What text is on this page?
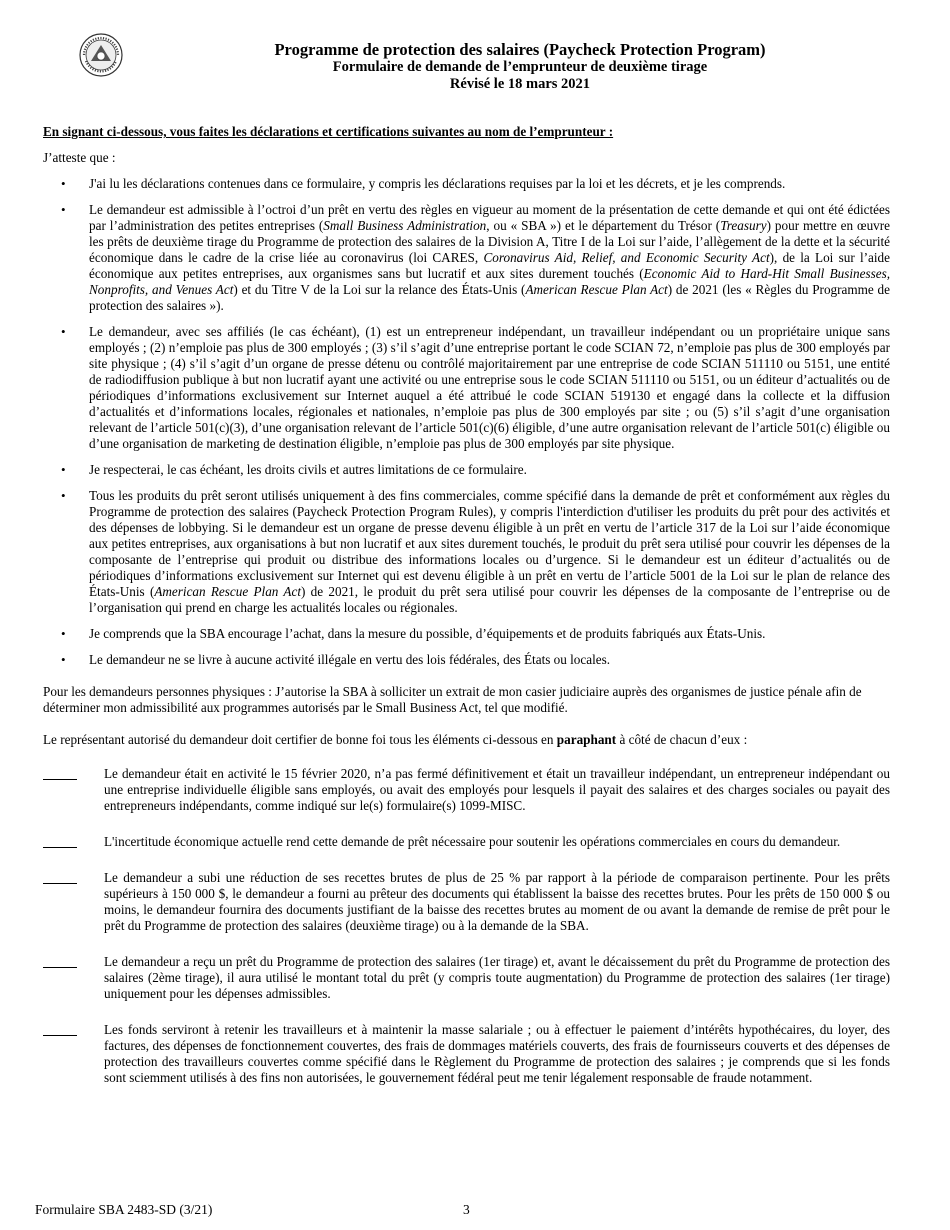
Programme de protection des salaires (Paycheck Protection Program)
Formulaire de demande de l’emprunteur de deuxième tirage
Révisé le 18 mars 2021

En signant ci-dessous, vous faites les déclarations et certifications suivantes au nom de l’emprunteur :

J’atteste que :

• J'ai lu les déclarations contenues dans ce formulaire, y compris les déclarations requises par la loi et les décrets, et je les comprends.
• Le demandeur est admissible à l’octroi d’un prêt en vertu des règles en vigueur au moment de la présentation de cette demande et qui ont été édictées par l’administration des petites entreprises (Small Business Administration, ou « SBA ») et le département du Trésor (Treasury) pour mettre en œuvre les prêts de deuxième tirage du Programme de protection des salaires de la Division A, Titre I de la Loi sur l’aide, l’allègement de la dette et la sécurité économique dans le cadre de la crise liée au coronavirus (loi CARES, Coronavirus Aid, Relief, and Economic Security Act), de la Loi sur l’aide économique aux petites entreprises, aux organismes sans but lucratif et aux sites durement touchés (Economic Aid to Hard-Hit Small Businesses, Nonprofits, and Venues Act) et du Titre V de la Loi sur la relance des États-Unis (American Rescue Plan Act) de 2021 (les « Règles du Programme de protection des salaires »).
• Le demandeur, avec ses affiliés (le cas échéant), (1) est un entrepreneur indépendant, un travailleur indépendant ou un propriétaire unique sans employés ; (2) n’emploie pas plus de 300 employés ; (3) s’il s’agit d’une entreprise portant le code SCIAN 72, n’emploie pas plus de 300 employés par site physique ; (4) s’il s’agit d’un organe de presse détenu ou contrôlé majoritairement par une entreprise de code SCIAN 511110 ou 5151, une entité de radiodiffusion publique à but non lucratif ayant une activité ou une entreprise sous le code SCIAN 511110 ou 5151, ou un éditeur d’actualités ou de périodiques d’informations exclusivement sur Internet auquel a été attribué le code SCIAN 519130 et engagé dans la collecte et la diffusion d’actualités et d’informations locales, régionales et nationales, n’emploie pas plus de 300 employés par site ; ou (5) s’il s’agit d’une organisation relevant de l’article 501(c)(3), d’une organisation relevant de l’article 501(c)(6) éligible, d’une autre organisation relevant de l’article 501(c) éligible ou d’une organisation de marketing de destination éligible, n’emploie pas plus de 300 employés par site physique.
• Je respecterai, le cas échéant, les droits civils et autres limitations de ce formulaire.
• Tous les produits du prêt seront utilisés uniquement à des fins commerciales, comme spécifié dans la demande de prêt et conformément aux règles du Programme de protection des salaires (Paycheck Protection Program Rules), y compris l'interdiction d'utiliser les produits du prêt pour des activités et des dépenses de lobbying. Si le demandeur est un organe de presse devenu éligible à un prêt en vertu de l’article 317 de la Loi sur l’aide économique aux petites entreprises, aux organisations à but non lucratif et aux sites durement touchés, le produit du prêt sera utilisé pour couvrir les dépenses de la composante de l’entreprise qui produit ou distribue des informations locales ou d’urgence. Si le demandeur est un éditeur d’actualités ou de périodiques d’informations exclusivement sur Internet qui est devenu éligible à un prêt en vertu de l’article 5001 de la Loi sur le plan de relance des États-Unis (American Rescue Plan Act) de 2021, le produit du prêt sera utilisé pour couvrir les dépenses de la composante de l’entreprise ou de l’organisation qui prend en charge les actualités locales ou régionales.
• Je comprends que la SBA encourage l’achat, dans la mesure du possible, d’équipements et de produits fabriqués aux États-Unis.
• Le demandeur ne se livre à aucune activité illégale en vertu des lois fédérales, des États ou locales.

Pour les demandeurs personnes physiques : J’autorise la SBA à solliciter un extrait de mon casier judiciaire auprès des organismes de justice pénale afin de déterminer mon admissibilité aux programmes autorisés par le Small Business Act, tel que modifié.

Le représentant autorisé du demandeur doit certifier de bonne foi tous les éléments ci-dessous en paraphant à côté de chacun d’eux :

Le demandeur était en activité le 15 février 2020, n’a pas fermé définitivement et était un travailleur indépendant, un entrepreneur indépendant ou une entreprise individuelle éligible sans employés, ou avait des employés pour lesquels il payait des salaires et des charges sociales ou payait des entrepreneurs indépendants, comme indiqué sur le(s) formulaire(s) 1099-MISC.
L'incertitude économique actuelle rend cette demande de prêt nécessaire pour soutenir les opérations commerciales en cours du demandeur.
Le demandeur a subi une réduction de ses recettes brutes de plus de 25 % par rapport à la période de comparaison pertinente. Pour les prêts supérieurs à 150 000 $, le demandeur a fourni au prêteur des documents qui établissent la baisse des recettes brutes. Pour les prêts de 150 000 $ ou moins, le demandeur fournira des documents justifiant de la baisse des recettes brutes au moment de ou avant la demande de remise de prêt pour le prêt du Programme de protection des salaires (deuxième tirage) ou à la demande de la SBA.
Le demandeur a reçu un prêt du Programme de protection des salaires (1er tirage) et, avant le décaissement du prêt du Programme de protection des salaires (2ème tirage), il aura utilisé le montant total du prêt (y compris toute augmentation) du Programme de protection des salaires (1er tirage) uniquement pour les dépenses admissibles.
Les fonds serviront à retenir les travailleurs et à maintenir la masse salariale ; ou à effectuer le paiement d’intérêts hypothécaires, du loyer, des factures, des dépenses de fonctionnement couvertes, des frais de dommages matériels couverts, des frais de fournisseurs couverts et des dépenses de protection des travailleurs couvertes comme spécifié dans le Règlement du Programme de protection des salaires ; je comprends que si les fonds sont sciemment utilisés à des fins non autorisées, le gouvernement fédéral peut me tenir légalement responsable de fraude notamment.
Formulaire SBA 2483-SD (3/21)	3
